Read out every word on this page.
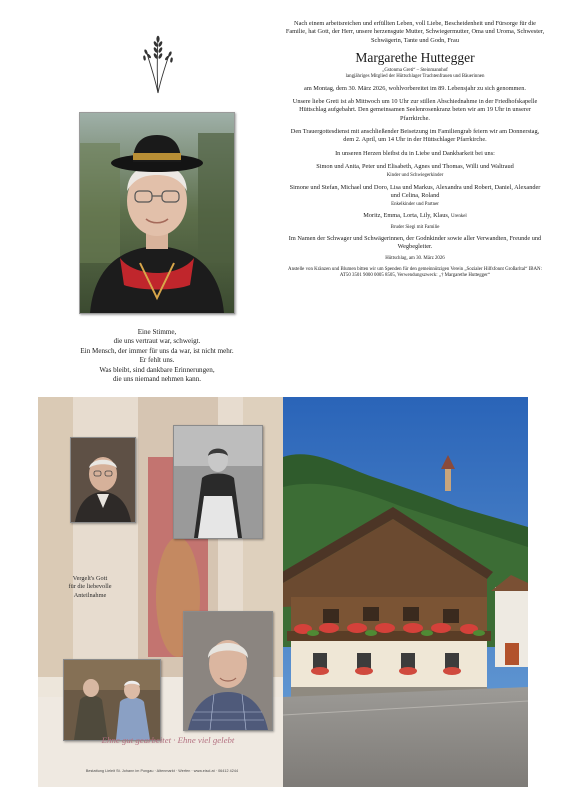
Eine Stimme,
die uns vertraut war, schweigt.
Ein Mensch, der immer für uns da war, ist nicht mehr.
Er fehlt uns.
Was bleibt, sind dankbare Erinnerungen,
die uns niemand nehmen kann.

Nach einem arbeitsreichen und erfüllten Leben, voll Liebe, Bescheidenheit und Fürsorge für die Familie, hat Gott, der Herr, unsere herzensgute Mutter, Schwiegermutter, Oma und Uroma, Schwester, Schwägerin, Tante und Godn, Frau

Margarethe Huttegger

„Gstonma Greti“ – Steinmannhof

langjähriges Mitglied der Hüttschlager Trachtenfrauen und Bäuerinnen

am Montag, dem 30. März 2026, wohlvorbereitet im 89. Lebensjahr zu sich genommen.

Unsere liebe Greti ist ab Mittwoch um 10 Uhr zur stillen Abschiednahme in der Friedhofskapelle Hüttschlag aufgebahrt. Den gemeinsamen Seelenrosenkranz beten wir am 19 Uhr in unserer Pfarrkirche.

Den Trauergottesdienst mit anschließender Beisetzung im Familiengrab feiern wir am Donnerstag, dem 2. April, um 14 Uhr in der Hüttschlager Pfarrkirche.

In unseren Herzen bleibst du in Liebe und Dankbarkeit bei uns:

Simon und Anita, Peter und Elisabeth, Agnes und Thomas, Willi und Waltraud
Kinder und Schwiegerkinder

Simone und Stefan, Michael und Doro, Lisa und Markus, Alexandra und Robert, Daniel, Alexander und Celina, Roland
Enkelkinder und Partner

Moritz, Emma, Lorta, Lily, Klaus, Urenkel

Bruder Siegi mit Familie

Im Namen der Schwager und Schwägerinnen, der Godnkinder sowie aller Verwandten, Freunde und Wegbegleiter.

Hüttschlag, am 30. März 2026

Anstelle von Kränzen und Blumen bitten wir um Spenden für den gemeinnützigen Verein „Sozialer Hilfsfonnt Großarltal“ IBAN: AT50 3501 9000 0005 8505, Verwendungszweck: „† Margarethe Huttegger“

Vergelt's Gott
für die liebevolle
Anteilnahme
Ehne gut gearbeitet · Ehne viel gelebt
Bestattung Lieleit St. Johann im Pongau · Altenmarkt · Werfen · www.eiscl.at · 06412 4244
